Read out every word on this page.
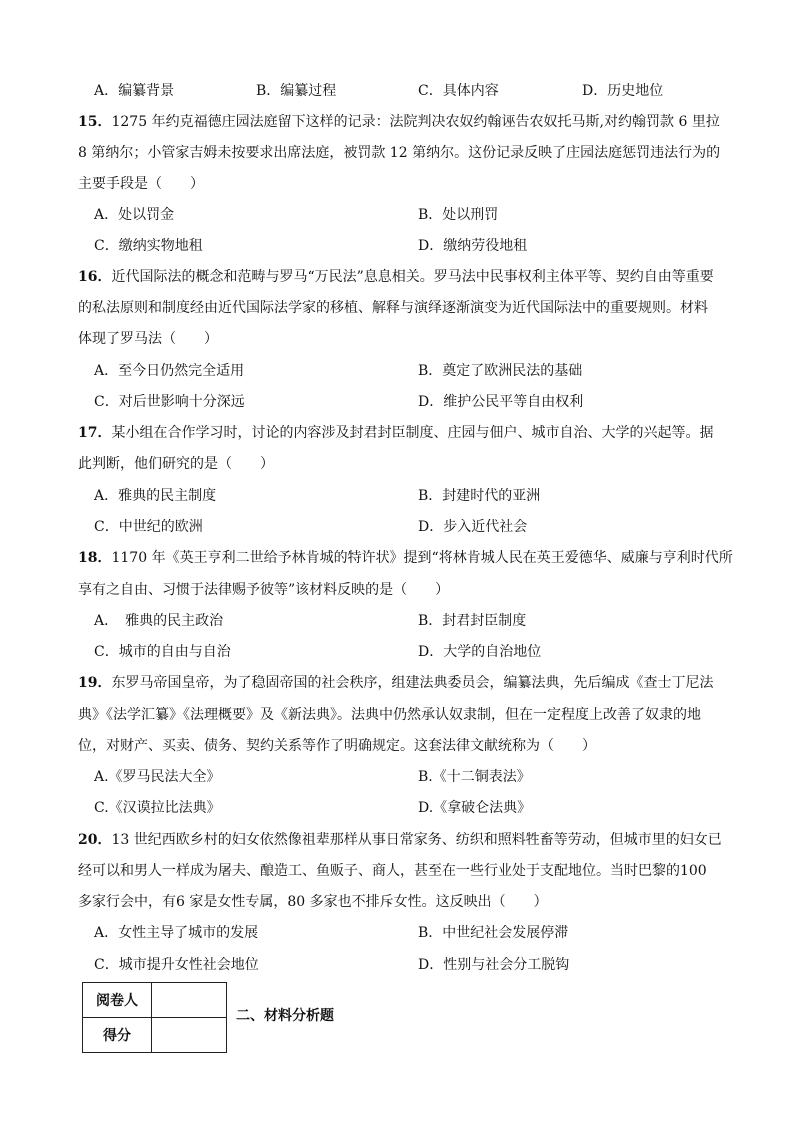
A．编纂背景	B．编纂过程	C．具体内容	D．历史地位
15．1275 年约克福德庄园法庭留下这样的记录：法院判决农奴约翰诬告农奴托马斯,对约翰罚款 6 里拉
8 第纳尔；小管家吉姆未按要求出席法庭，被罚款 12 第纳尔。这份记录反映了庄园法庭惩罚违法行为的
主要手段是（　　）
A．处以罚金	B．处以刑罚
C．缴纳实物地租	D．缴纳劳役地租
16．近代国际法的概念和范畴与罗马“万民法”息息相关。罗马法中民事权利主体平等、契约自由等重要
的私法原则和制度经由近代国际法学家的移植、解释与演绎逐渐演变为近代国际法中的重要规则。材料
体现了罗马法（　　）
A．至今日仍然完全适用	B．奠定了欧洲民法的基础
C．对后世影响十分深远	D．维护公民平等自由权利
17．某小组在合作学习时，讨论的内容涉及封君封臣制度、庄园与佃户、城市自治、大学的兴起等。据
此判断，他们研究的是（　　）
A．雅典的民主制度	B．封建时代的亚洲
C．中世纪的欧洲	D．步入近代社会
18．1170 年《英王亨利二世给予林肯城的特许状》提到“将林肯城人民在英王爱德华、威廉与亨利时代所
享有之自由、习惯于法律赐予彼等”该材料反映的是（　　）
A．　雅典的民主政治	B．封君封臣制度
C．城市的自由与自治	D．大学的自治地位
19．东罗马帝国皇帝，为了稳固帝国的社会秩序，组建法典委员会，编纂法典，先后编成《查士丁尼法
典》《法学汇纂》《法理概要》及《新法典》。法典中仍然承认奴隶制，但在一定程度上改善了奴隶的地
位，对财产、买卖、债务、契约关系等作了明确规定。这套法律文献统称为（　　）
A.《罗马民法大全》	B.《十二铜表法》
C.《汉谟拉比法典》	D.《拿破仑法典》
20．13 世纪西欧乡村的妇女依然像祖辈那样从事日常家务、纺织和照料牲畜等劳动，但城市里的妇女已
经可以和男人一样成为屠夫、酿造工、鱼贩子、商人，甚至在一些行业处于支配地位。当时巴黎的100
多家行会中，有6 家是女性专属，80 多家也不排斥女性。这反映出（　　）
A．女性主导了城市的发展	B．中世纪社会发展停滞
C．城市提升女性社会地位	D．性别与社会分工脱钩
阅卷人	
得分	
二、材料分析题
